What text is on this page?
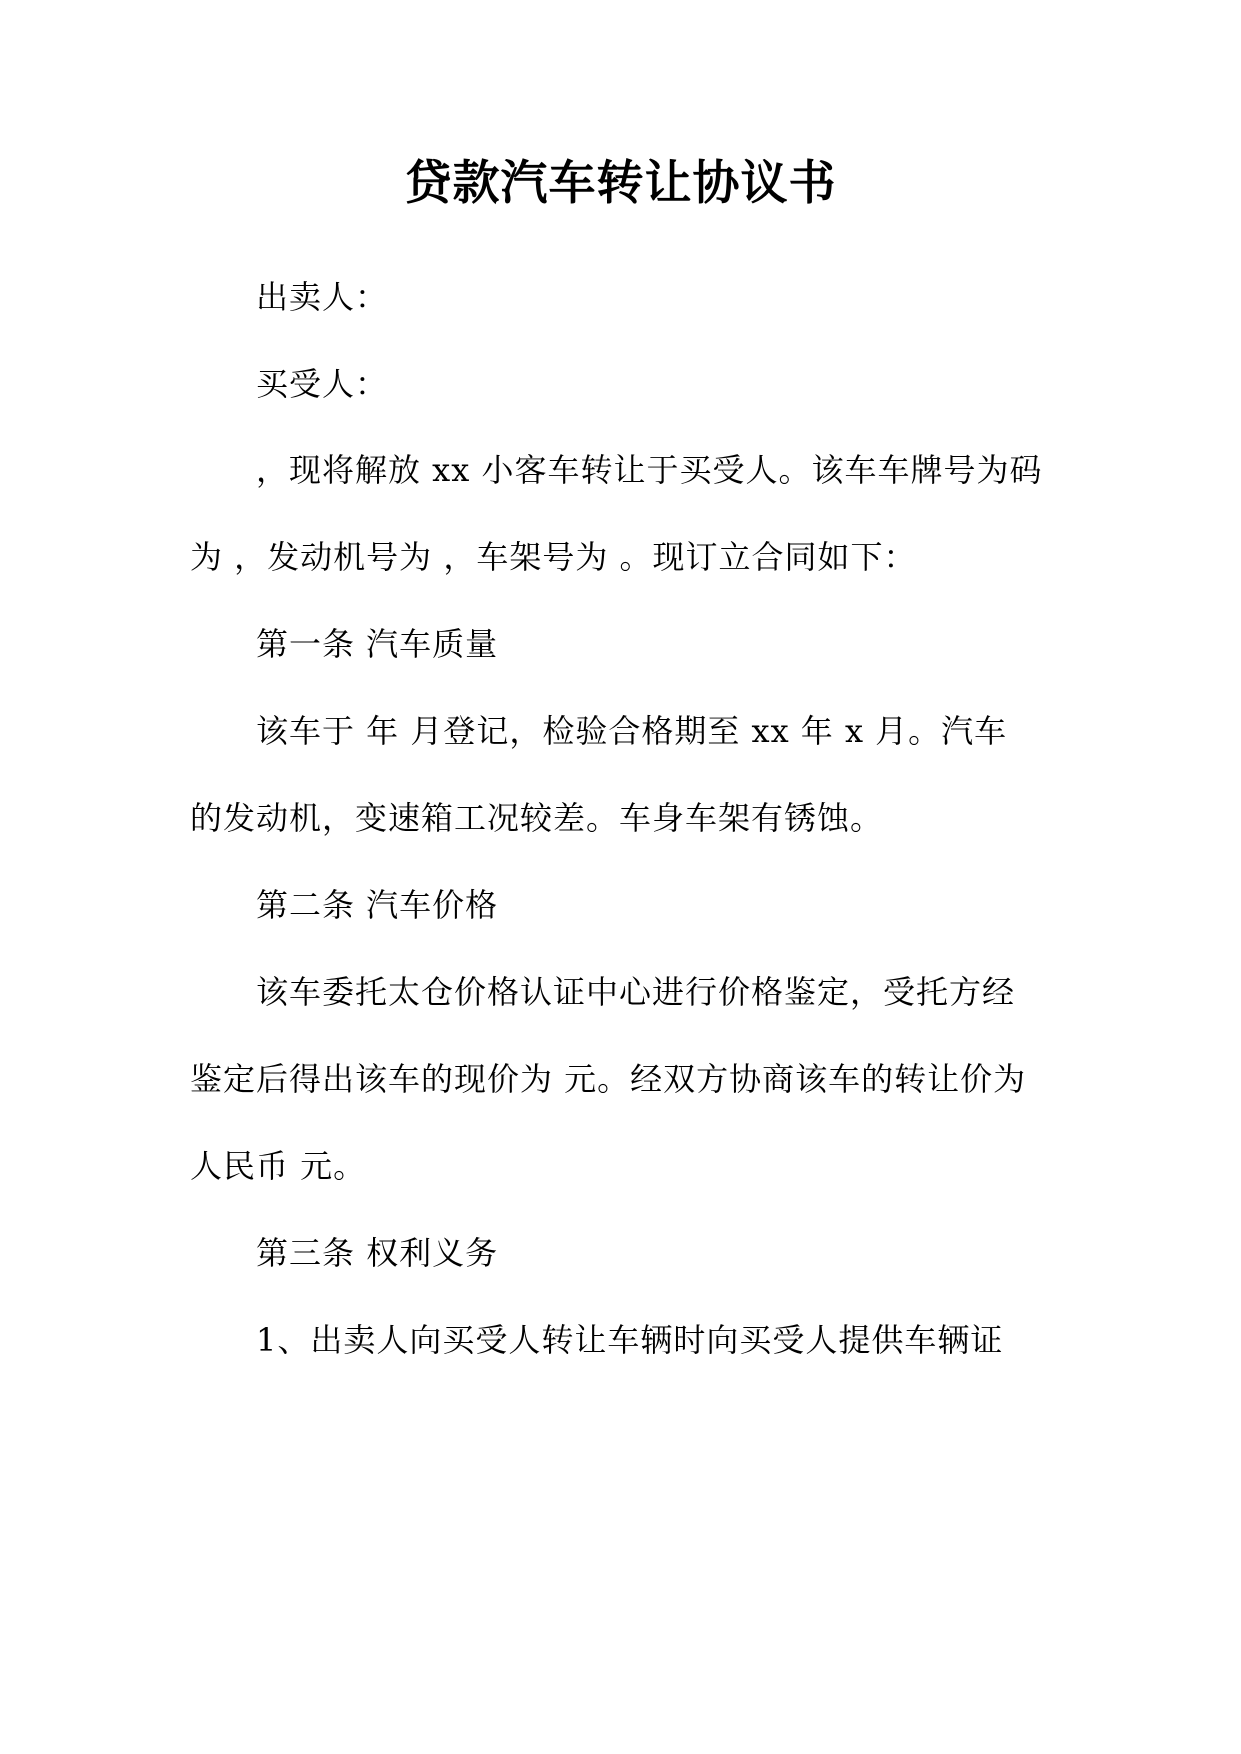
贷款汽车转让协议书
出卖人：
买受人：
，现将解放 xx 小客车转让于买受人。该车车牌号为码
为 ，发动机号为 ，车架号为 。现订立合同如下：
第一条 汽车质量
该车于 年 月登记，检验合格期至 xx 年 x 月。汽车
的发动机，变速箱工况较差。车身车架有锈蚀。
第二条 汽车价格
该车委托太仓价格认证中心进行价格鉴定，受托方经
鉴定后得出该车的现价为 元。经双方协商该车的转让价为
人民币 元。
第三条 权利义务
1、出卖人向买受人转让车辆时向买受人提供车辆证
